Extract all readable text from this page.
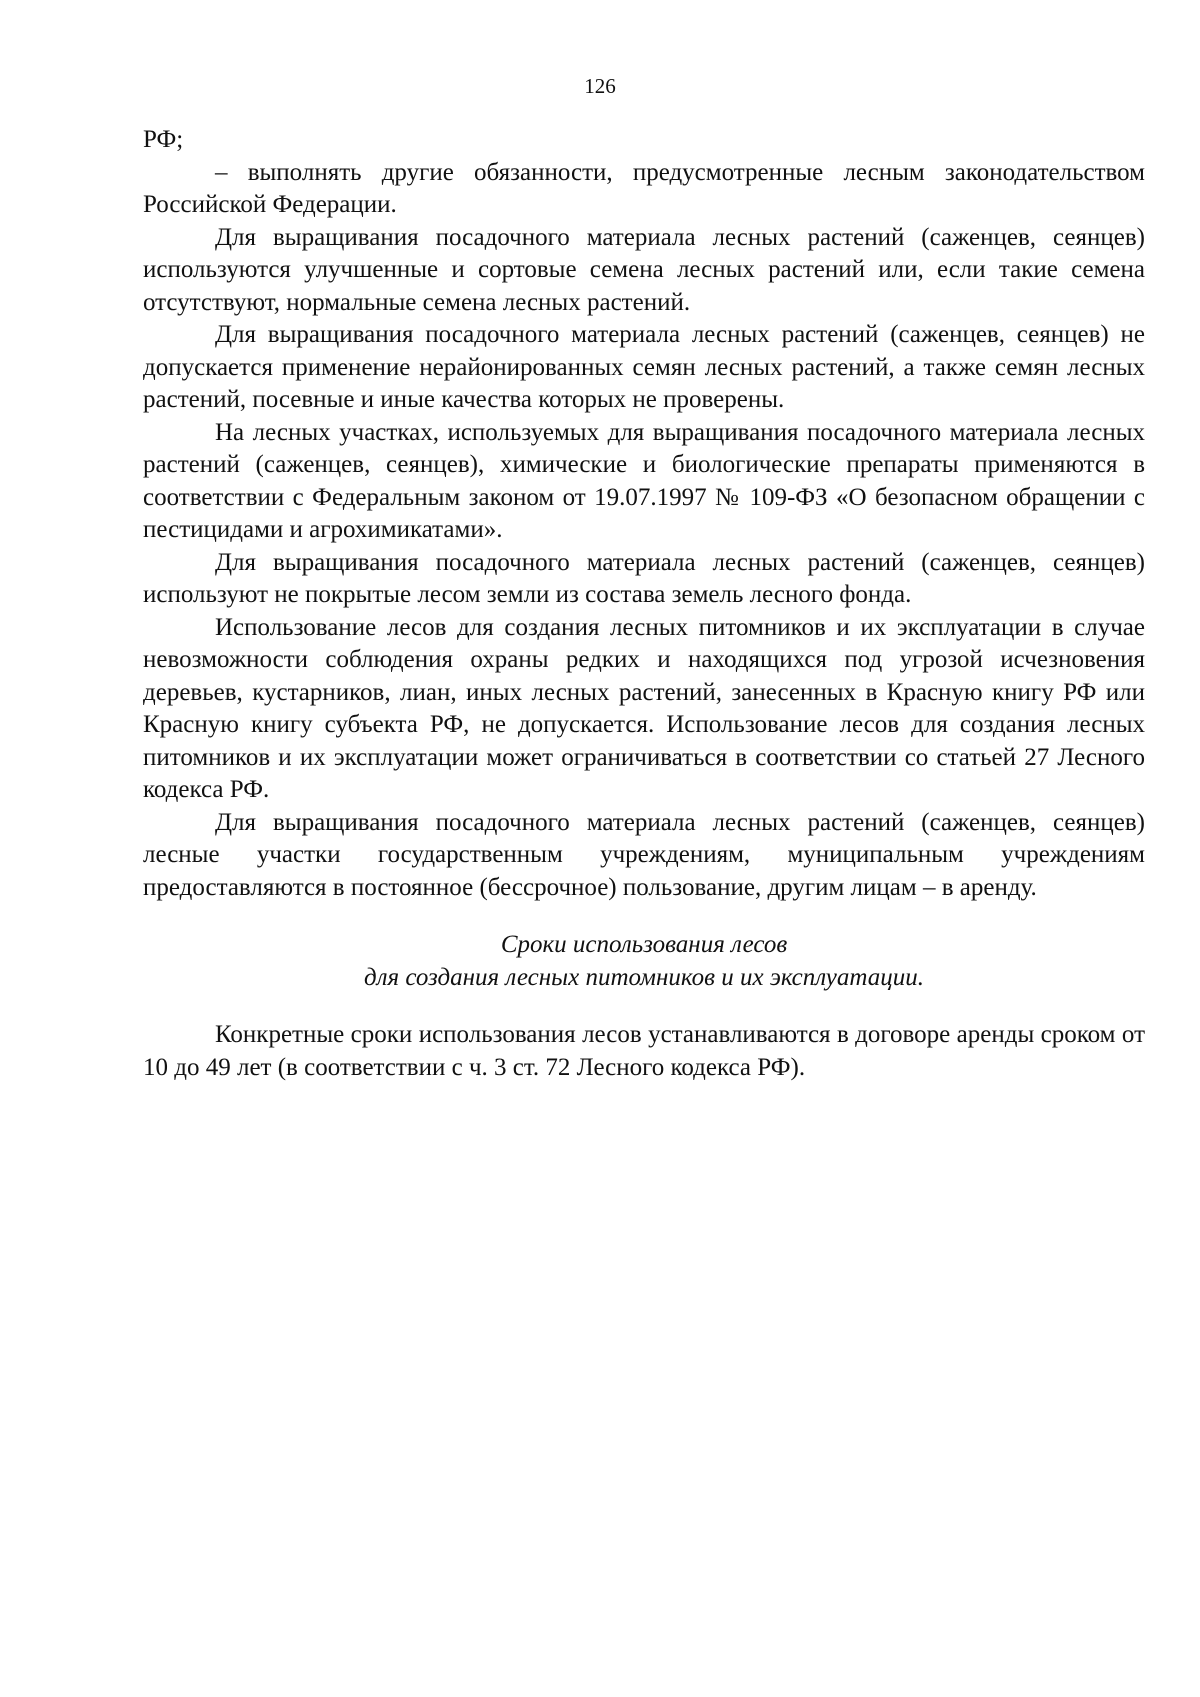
126

РФ;

– выполнять другие обязанности, предусмотренные лесным законодательством Российской Федерации.

Для выращивания посадочного материала лесных растений (саженцев, сеянцев) используются улучшенные и сортовые семена лесных растений или, если такие семена отсутствуют, нормальные семена лесных растений.

Для выращивания посадочного материала лесных растений (саженцев, сеянцев) не допускается применение нерайонированных семян лесных растений, а также семян лесных растений, посевные и иные качества которых не проверены.

На лесных участках, используемых для выращивания посадочного материала лесных растений (саженцев, сеянцев), химические и биологические препараты применяются в соответствии с Федеральным законом от 19.07.1997 № 109-ФЗ «О безопасном обращении с пестицидами и агрохимикатами».

Для выращивания посадочного материала лесных растений (саженцев, сеянцев) используют не покрытые лесом земли из состава земель лесного фонда.

Использование лесов для создания лесных питомников и их эксплуатации в случае невозможности соблюдения охраны редких и находящихся под угрозой исчезновения деревьев, кустарников, лиан, иных лесных растений, занесенных в Красную книгу РФ или Красную книгу субъекта РФ, не допускается. Использование лесов для создания лесных питомников и их эксплуатации может ограничиваться в соответствии со статьей 27 Лесного кодекса РФ.

Для выращивания посадочного материала лесных растений (саженцев, сеянцев) лесные участки государственным учреждениям, муниципальным учреждениям предоставляются в постоянное (бессрочное) пользование, другим лицам – в аренду.

Сроки использования лесов
для создания лесных питомников и их эксплуатации.

Конкретные сроки использования лесов устанавливаются в договоре аренды сроком от 10 до 49 лет (в соответствии с ч. 3 ст. 72 Лесного кодекса РФ).
